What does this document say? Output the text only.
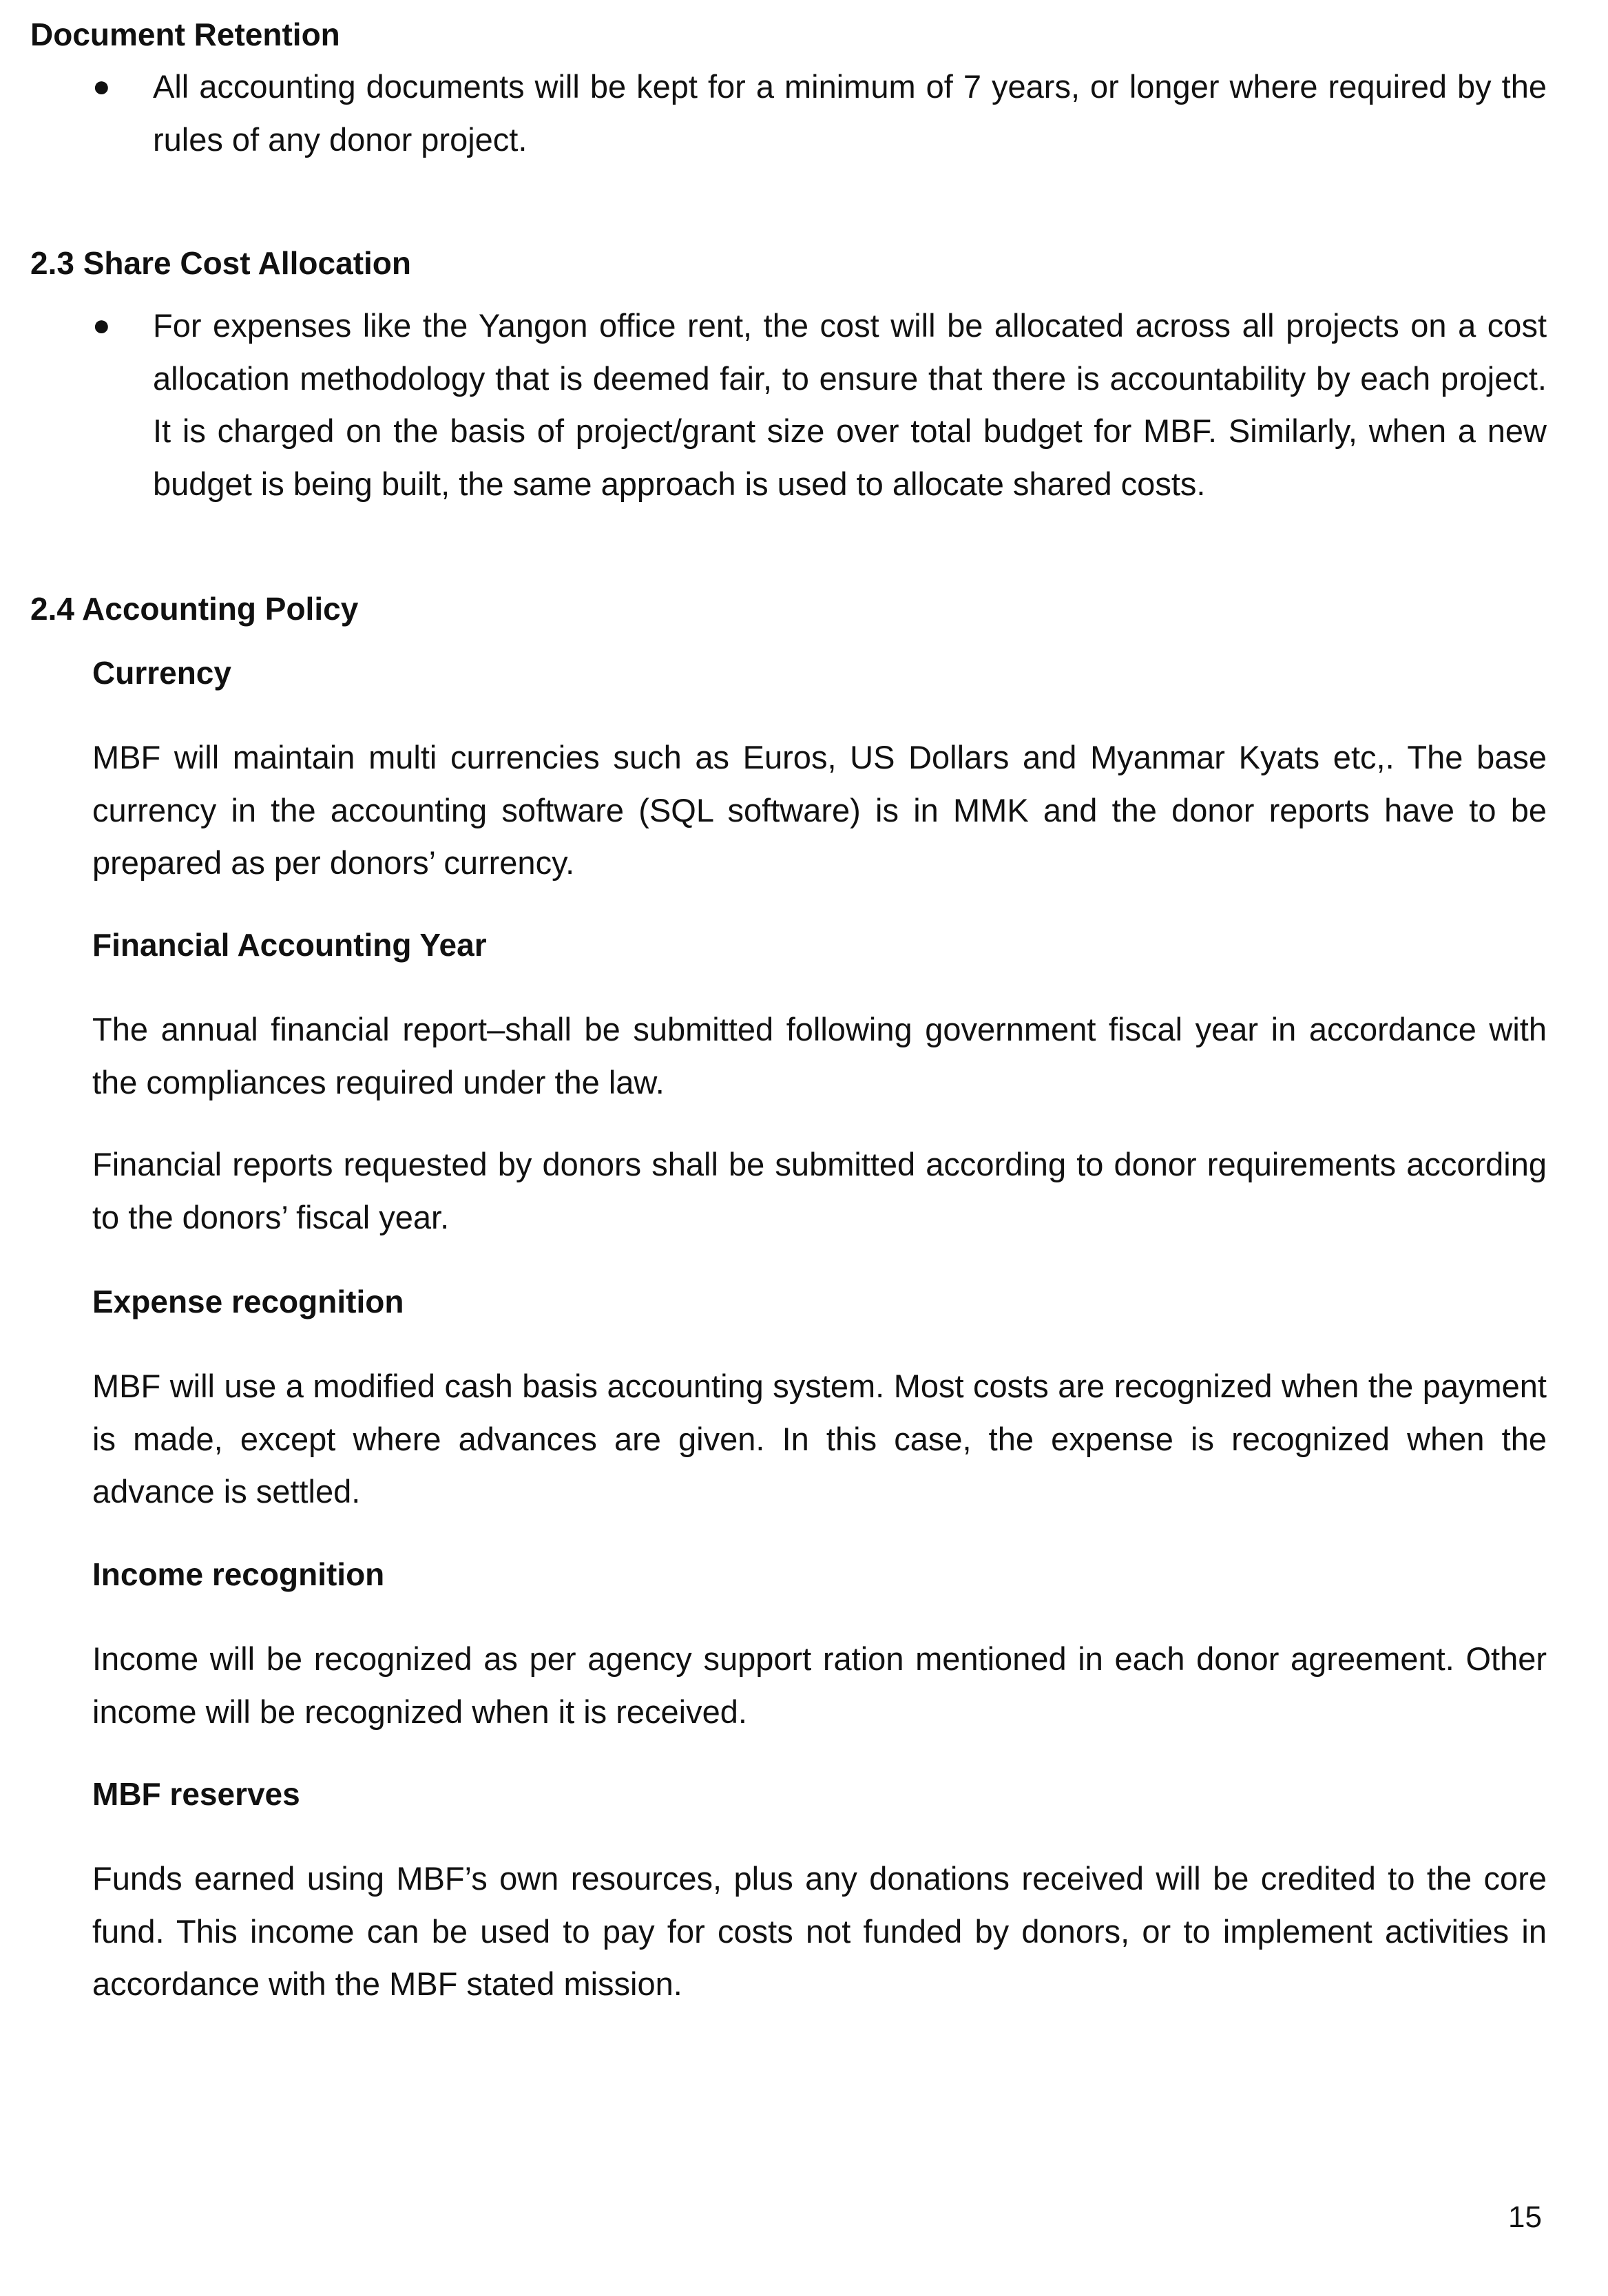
Document Retention
●	All accounting documents will be kept for a minimum of 7 years, or longer where required by the rules of any donor project.

2.3 Share Cost Allocation
●	For expenses like the Yangon office rent, the cost will be allocated across all projects on a cost allocation methodology that is deemed fair, to ensure that there is accountability by each project. It is charged on the basis of project/grant size over total budget for MBF. Similarly, when a new budget is being built, the same approach is used to allocate shared costs.

2.4 Accounting Policy
Currency

MBF will maintain multi currencies such as Euros, US Dollars and Myanmar Kyats etc,. The base currency in the accounting software (SQL software) is in MMK and the donor reports have to be prepared as per donors’ currency.

Financial Accounting Year

The annual financial report–shall be submitted following government fiscal year in accordance with the compliances required under the law.

Financial reports requested by donors shall be submitted according to donor requirements according to the donors’ fiscal year.

Expense recognition

MBF will use a modified cash basis accounting system. Most costs are recognized when the payment is made, except where advances are given. In this case, the expense is recognized when the advance is settled.

Income recognition

Income will be recognized as per agency support ration mentioned in each donor agreement. Other income will be recognized when it is received.

MBF reserves

Funds earned using MBF’s own resources, plus any donations received will be credited to the core fund. This income can be used to pay for costs not funded by donors, or to implement activities in accordance with the MBF stated mission.

15
